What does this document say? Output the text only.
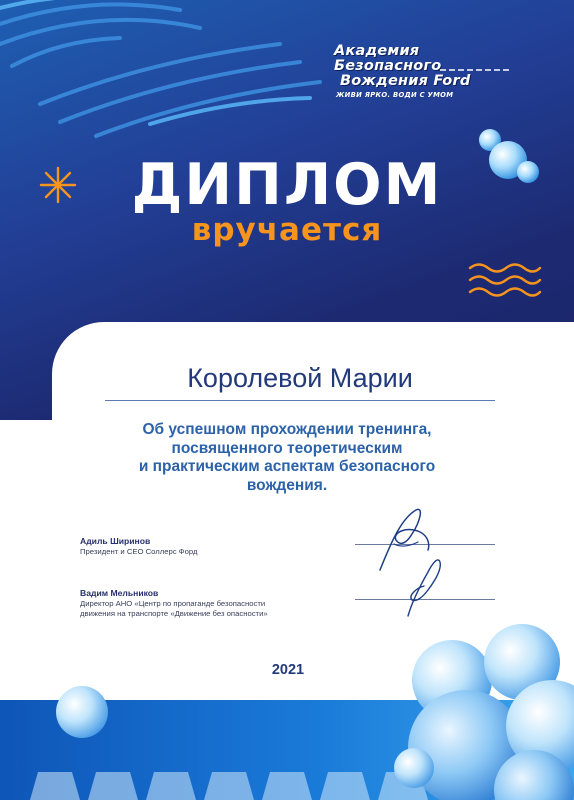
Академия Безопасного
Вождения Ford
ЖИВИ ЯРКО. ВОДИ С УМОМ
ДИПЛОМ
вручается
Королевой Марии
Об успешном прохождении тренинга,
посвященного теоретическим
и практическим аспектам безопасного
вождения.
Адиль Ширинов
Президент и СЕО Соллерс Форд
Вадим Мельников
Директор АНО «Центр по пропаганде безопасности
движения на транспорте «Движение без опасности»
2021
